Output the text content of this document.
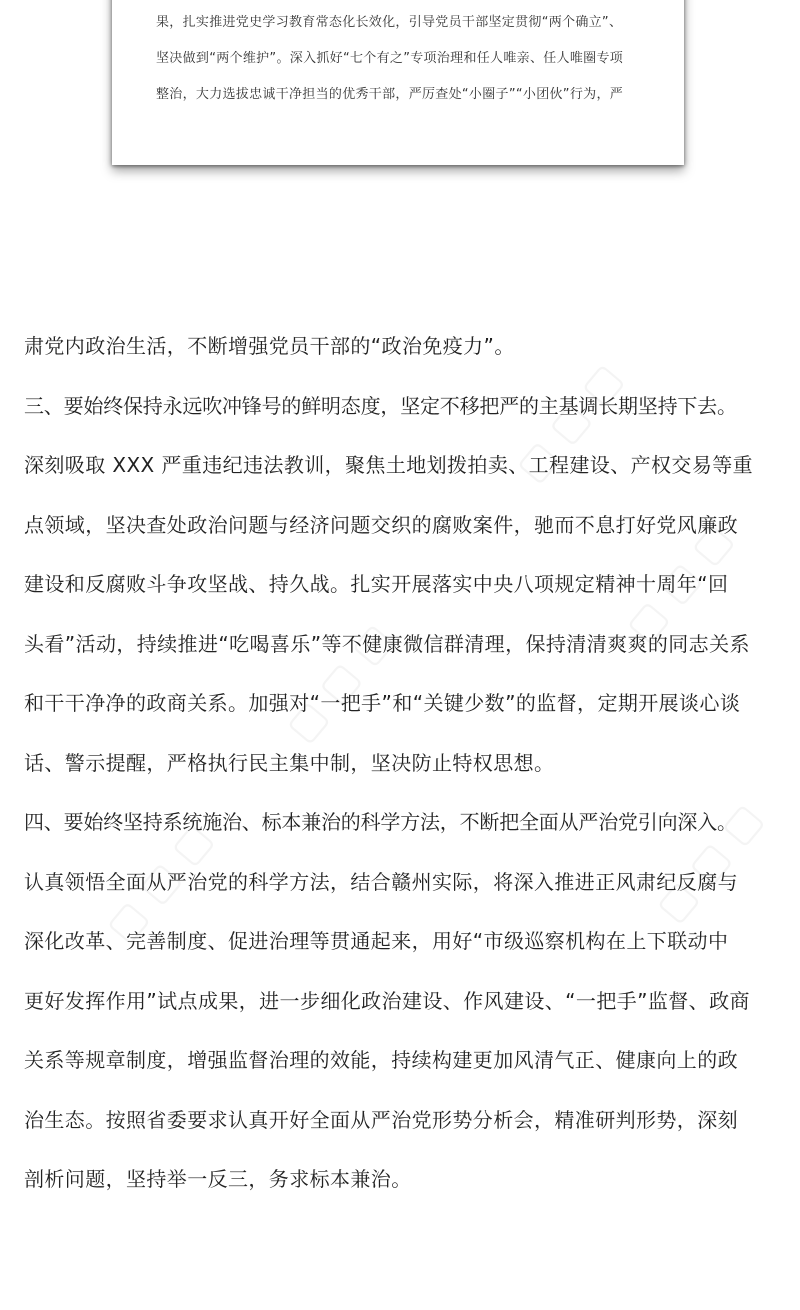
果，扎实推进党史学习教育常态化长效化，引导党员干部坚定贯彻“两个确立”、
坚决做到“两个维护”。深入抓好“七个有之”专项治理和任人唯亲、任人唯圈专项
整治，大力选拔忠诚干净担当的优秀干部，严厉查处“小圈子”“小团伙”行为，严
肃党内政治生活，不断增强党员干部的“政治免疫力”。
三、要始终保持永远吹冲锋号的鲜明态度，坚定不移把严的主基调长期坚持下去。
深刻吸取 XXX 严重违纪违法教训，聚焦土地划拨拍卖、工程建设、产权交易等重
点领域，坚决查处政治问题与经济问题交织的腐败案件，驰而不息打好党风廉政
建设和反腐败斗争攻坚战、持久战。扎实开展落实中央八项规定精神十周年“回
头看”活动，持续推进“吃喝喜乐”等不健康微信群清理，保持清清爽爽的同志关系
和干干净净的政商关系。加强对“一把手”和“关键少数”的监督，定期开展谈心谈
话、警示提醒，严格执行民主集中制，坚决防止特权思想。
四、要始终坚持系统施治、标本兼治的科学方法，不断把全面从严治党引向深入。
认真领悟全面从严治党的科学方法，结合赣州实际，将深入推进正风肃纪反腐与
深化改革、完善制度、促进治理等贯通起来，用好“市级巡察机构在上下联动中
更好发挥作用”试点成果，进一步细化政治建设、作风建设、“一把手”监督、政商
关系等规章制度，增强监督治理的效能，持续构建更加风清气正、健康向上的政
治生态。按照省委要求认真开好全面从严治党形势分析会，精准研判形势，深刻
剖析问题，坚持举一反三，务求标本兼治。
